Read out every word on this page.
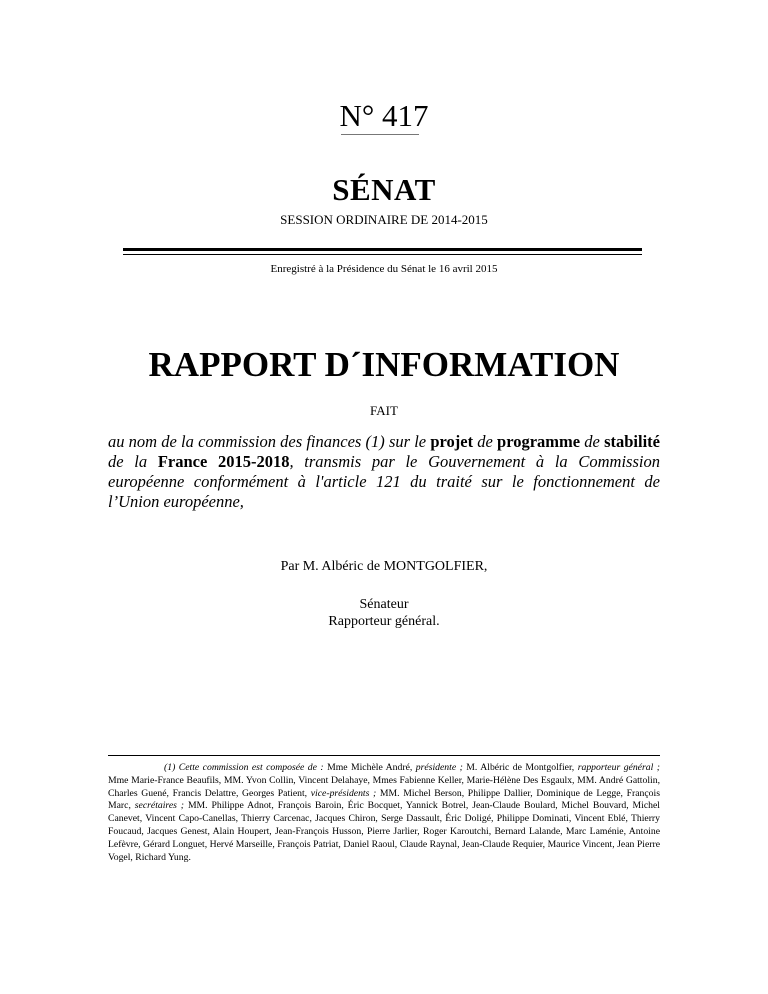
N° 417
SÉNAT
SESSION ORDINAIRE DE 2014-2015
Enregistré à la Présidence du Sénat le 16 avril 2015
RAPPORT D´INFORMATION
FAIT
au nom de la commission des finances (1) sur le projet de programme de stabilité de la France 2015-2018, transmis par le Gouvernement à la Commission européenne conformément à l'article 121 du traité sur le fonctionnement de l’Union européenne,
Par M. Albéric de MONTGOLFIER,
Sénateur
Rapporteur général.
(1) Cette commission est composée de : Mme Michèle André, présidente ; M. Albéric de Montgolfier, rapporteur général ; Mme Marie-France Beaufils, MM. Yvon Collin, Vincent Delahaye, Mmes Fabienne Keller, Marie-Hélène Des Esgaulx, MM. André Gattolin, Charles Guené, Francis Delattre, Georges Patient, vice-présidents ; MM. Michel Berson, Philippe Dallier, Dominique de Legge, François Marc, secrétaires ; MM. Philippe Adnot, François Baroin, Éric Bocquet, Yannick Botrel, Jean-Claude Boulard, Michel Bouvard, Michel Canevet, Vincent Capo-Canellas, Thierry Carcenac, Jacques Chiron, Serge Dassault, Éric Doligé, Philippe Dominati, Vincent Eblé, Thierry Foucaud, Jacques Genest, Alain Houpert, Jean-François Husson, Pierre Jarlier, Roger Karoutchi, Bernard Lalande, Marc Laménie, Antoine Lefèvre, Gérard Longuet, Hervé Marseille, François Patriat, Daniel Raoul, Claude Raynal, Jean-Claude Requier, Maurice Vincent, Jean Pierre Vogel, Richard Yung.
